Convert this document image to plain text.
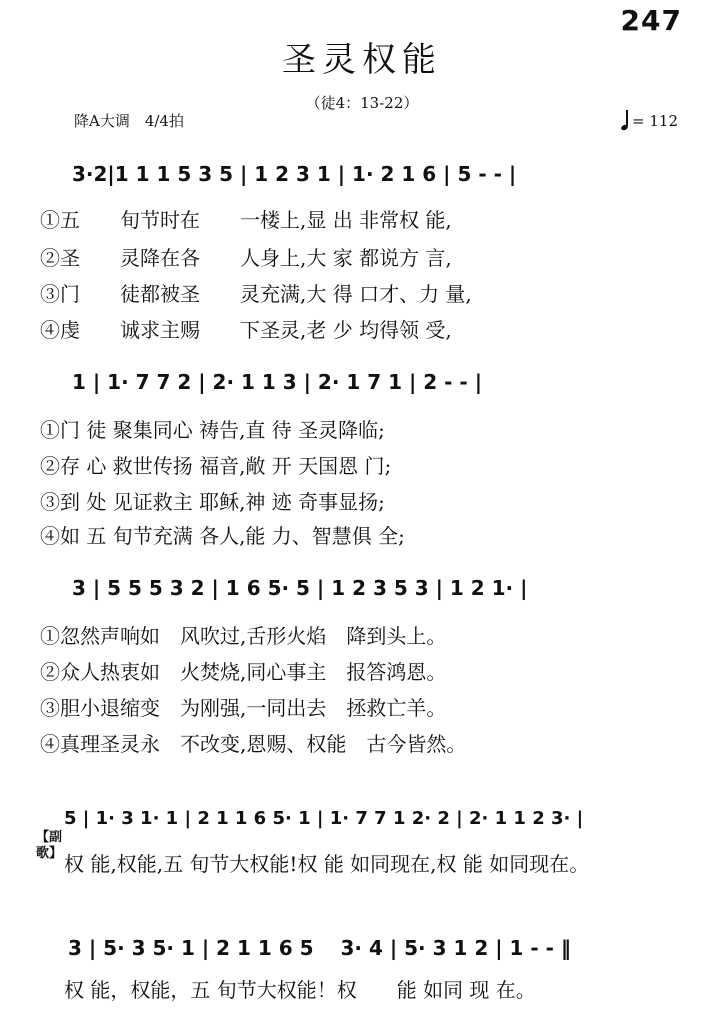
247
圣灵权能
（徒4：13-22）
降A大调　4/4拍	= 112
3·2|1 1 1 5 3 5 | 1 2 3 1 | 1· 2 1 6 | 5 - - |
①五　　旬节时在　　一楼上,显 出 非常权 能,
②圣　　灵降在各　　人身上,大 家 都说方 言,
③门　　徒都被圣　　灵充满,大 得 口才、力 量,
④虔　　诚求主赐　　下圣灵,老 少 均得领 受,
1 | 1· 7 7 2 | 2· 1 1 3 | 2· 1 7 1 | 2 - - |
①门 徒 聚集同心 祷告,直 待 圣灵降临;
②存 心 救世传扬 福音,敞 开 天国恩 门;
③到 处 见证救主 耶稣,神 迹 奇事显扬;
④如 五 旬节充满 各人,能 力、智慧俱 全;
3 | 5 5 5 3 2 | 1 6 5· 5 | 1 2 3 5 3 | 1 2 1· |
①忽然声响如　风吹过,舌形火焰　降到头上。
②众人热衷如　火焚烧,同心事主　报答鸿恩。
③胆小退缩变　为刚强,一同出去　拯救亡羊。
④真理圣灵永　不改变,恩赐、权能　古今皆然。
5 | 1· 3 1· 1 | 2 1 1 6 5· 1 | 1· 7 7 1 2· 2 | 2· 1 1 2 3· |
【副歌】 权 能,权能,五 旬节大权能!权 能 如同现在,权 能 如同现在。
3 | 5· 3 5· 1 | 2 1 1 6 5 　3· 4 | 5· 3 1 2 | 1 - - ‖
权 能，权能，五 旬节大权能！权　　能 如同 现 在。
